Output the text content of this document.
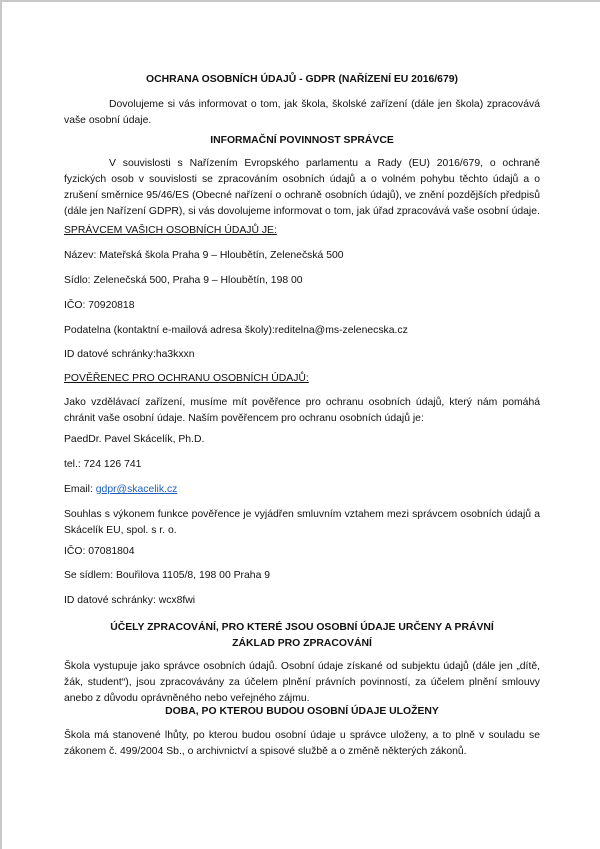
OCHRANA OSOBNÍCH ÚDAJŮ - GDPR (NAŘÍZENÍ EU 2016/679)
Dovolujeme si vás informovat o tom, jak škola, školské zařízení (dále jen škola) zpracovává vaše osobní údaje.
INFORMAČNÍ POVINNOST SPRÁVCE
V souvislosti s Nařízením Evropského parlamentu a Rady (EU) 2016/679, o ochraně fyzických osob v souvislosti se zpracováním osobních údajů a o volném pohybu těchto údajů a o zrušení směrnice 95/46/ES (Obecné nařízení o ochraně osobních údajů), ve znění pozdějších předpisů (dále jen Nařízení GDPR), si vás dovolujeme informovat o tom, jak úřad zpracovává vaše osobní údaje.
SPRÁVCEM VAŠICH OSOBNÍCH ÚDAJŮ JE:
Název: Mateřská škola Praha 9 – Hloubětín, Zelenečská 500
Sídlo: Zelenečská 500, Praha 9 – Hloubětín, 198 00
IČO: 70920818
Podatelna (kontaktní e-mailová adresa školy):reditelna@ms-zelenecska.cz
ID datové schránky:ha3kxxn
POVĚŘENEC PRO OCHRANU OSOBNÍCH ÚDAJŮ:
Jako vzdělávací zařízení, musíme mít pověřence pro ochranu osobních údajů, který nám pomáhá chránit vaše osobní údaje. Naším pověřencem pro ochranu osobních údajů je:
PaedDr. Pavel Skácelík, Ph.D.
tel.: 724 126 741
Email: gdpr@skacelik.cz
Souhlas s výkonem funkce pověřence je vyjádřen smluvním vztahem mezi správcem osobních údajů a Skácelík EU, spol. s r. o.
IČO: 07081804
Se sídlem: Bouřilova 1105/8, 198 00 Praha 9
ID datové schránky: wcx8fwi
ÚČELY ZPRACOVÁNÍ, PRO KTERÉ JSOU OSOBNÍ ÚDAJE URČENY A PRÁVNÍ ZÁKLAD PRO ZPRACOVÁNÍ
Škola vystupuje jako správce osobních údajů. Osobní údaje získané od subjektu údajů (dále jen „dítě, žák, student“), jsou zpracovávány za účelem plnění právních povinností, za účelem plnění smlouvy anebo z důvodu oprávněného nebo veřejného zájmu.
DOBA, PO KTEROU BUDOU OSOBNÍ ÚDAJE ULOŽENY
Škola má stanovené lhůty, po kterou budou osobní údaje u správce uloženy, a to plně v souladu se zákonem č. 499/2004 Sb., o archivnictví a spisové službě a o změně některých zákonů.
